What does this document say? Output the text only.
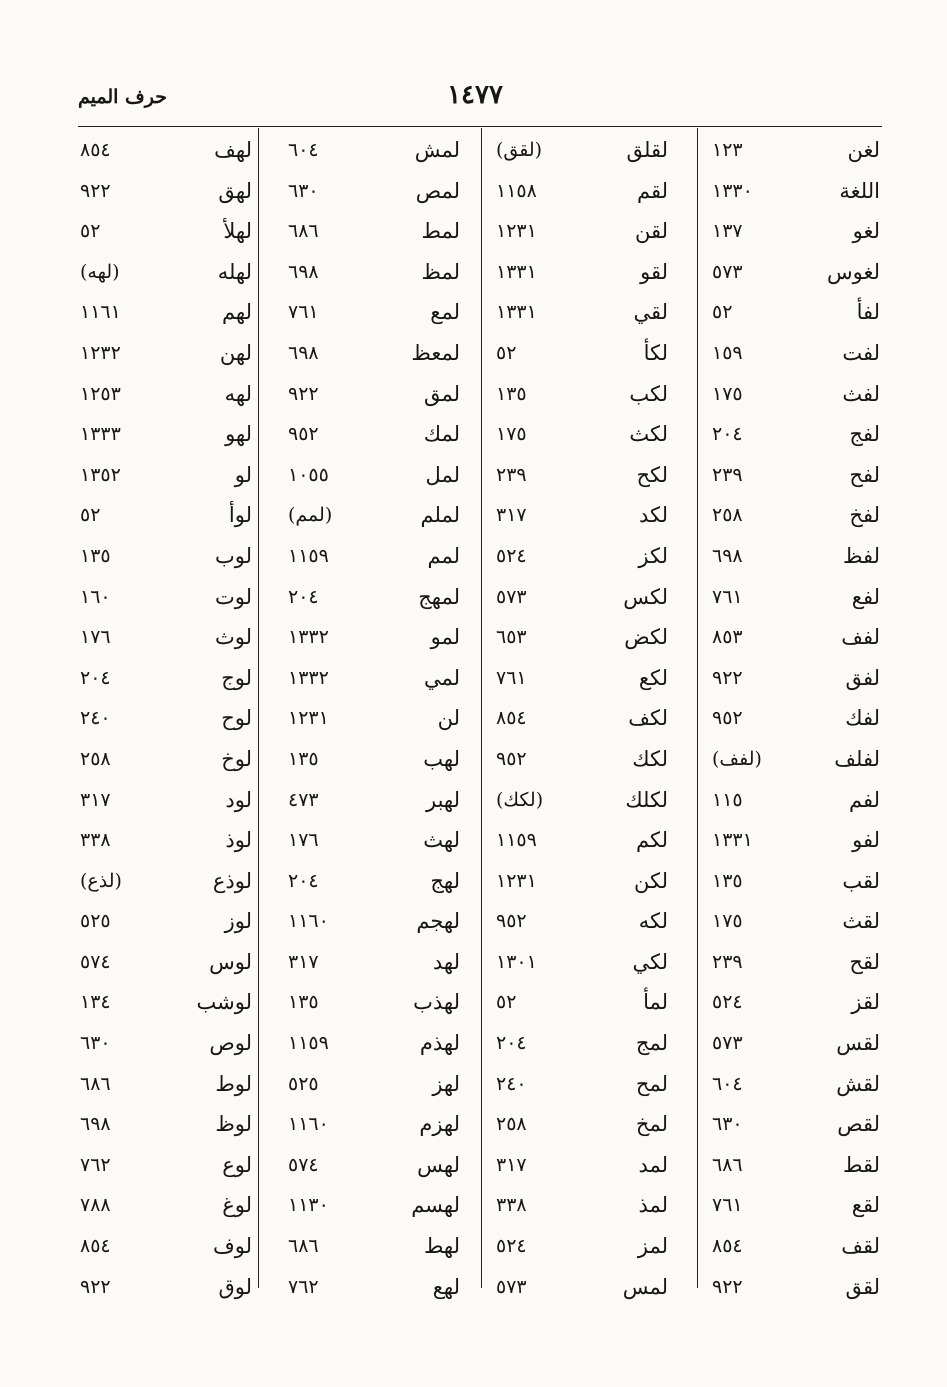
حرف الميم	١٤٧٧
لغن
١٢٣
اللغة
١٣٣٠
لغو
١٣٧
لغوس
٥٧٣
لفأ
٥٢
لفت
١٥٩
لفث
١٧٥
لفج
٢٠٤
لفح
٢٣٩
لفخ
٢٥٨
لفظ
٦٩٨
لفع
٧٦١
لفف
٨٥٣
لفق
٩٢٢
لفك
٩٥٢
لفلف
(لفف)
لفم
١١٥
لفو
١٣٣١
لقب
١٣٥
لقث
١٧٥
لقح
٢٣٩
لقز
٥٢٤
لقس
٥٧٣
لقش
٦٠٤
لقص
٦٣٠
لقط
٦٨٦
لقع
٧٦١
لقف
٨٥٤
لقق
٩٢٢
لقلق
(لقق)
لقم
١١٥٨
لقن
١٢٣١
لقو
١٣٣١
لقي
١٣٣١
لكأ
٥٢
لكب
١٣٥
لكث
١٧٥
لكح
٢٣٩
لكد
٣١٧
لكز
٥٢٤
لكس
٥٧٣
لكض
٦٥٣
لكع
٧٦١
لكف
٨٥٤
لكك
٩٥٢
لكلك
(لكك)
لكم
١١٥٩
لكن
١٢٣١
لكه
٩٥٢
لكي
١٣٠١
لمأ
٥٢
لمج
٢٠٤
لمح
٢٤٠
لمخ
٢٥٨
لمد
٣١٧
لمذ
٣٣٨
لمز
٥٢٤
لمس
٥٧٣
لمش
٦٠٤
لمص
٦٣٠
لمط
٦٨٦
لمظ
٦٩٨
لمع
٧٦١
لمعظ
٦٩٨
لمق
٩٢٢
لمك
٩٥٢
لمل
١٠٥٥
لملم
(لمم)
لمم
١١٥٩
لمهج
٢٠٤
لمو
١٣٣٢
لمي
١٣٣٢
لن
١٢٣١
لهب
١٣٥
لهبر
٤٧٣
لهث
١٧٦
لهج
٢٠٤
لهجم
١١٦٠
لهد
٣١٧
لهذب
١٣٥
لهذم
١١٥٩
لهز
٥٢٥
لهزم
١١٦٠
لهس
٥٧٤
لهسم
١١٣٠
لهط
٦٨٦
لهع
٧٦٢
لهف
٨٥٤
لهق
٩٢٢
لهلأ
٥٢
لهله
(لهه)
لهم
١١٦١
لهن
١٢٣٢
لهه
١٢٥٣
لهو
١٣٣٣
لو
١٣٥٢
لوأ
٥٢
لوب
١٣٥
لوت
١٦٠
لوث
١٧٦
لوج
٢٠٤
لوح
٢٤٠
لوخ
٢٥٨
لود
٣١٧
لوذ
٣٣٨
لوذع
(لذع)
لوز
٥٢٥
لوس
٥٧٤
لوشب
١٣٤
لوص
٦٣٠
لوط
٦٨٦
لوظ
٦٩٨
لوع
٧٦٢
لوغ
٧٨٨
لوف
٨٥٤
لوق
٩٢٢
